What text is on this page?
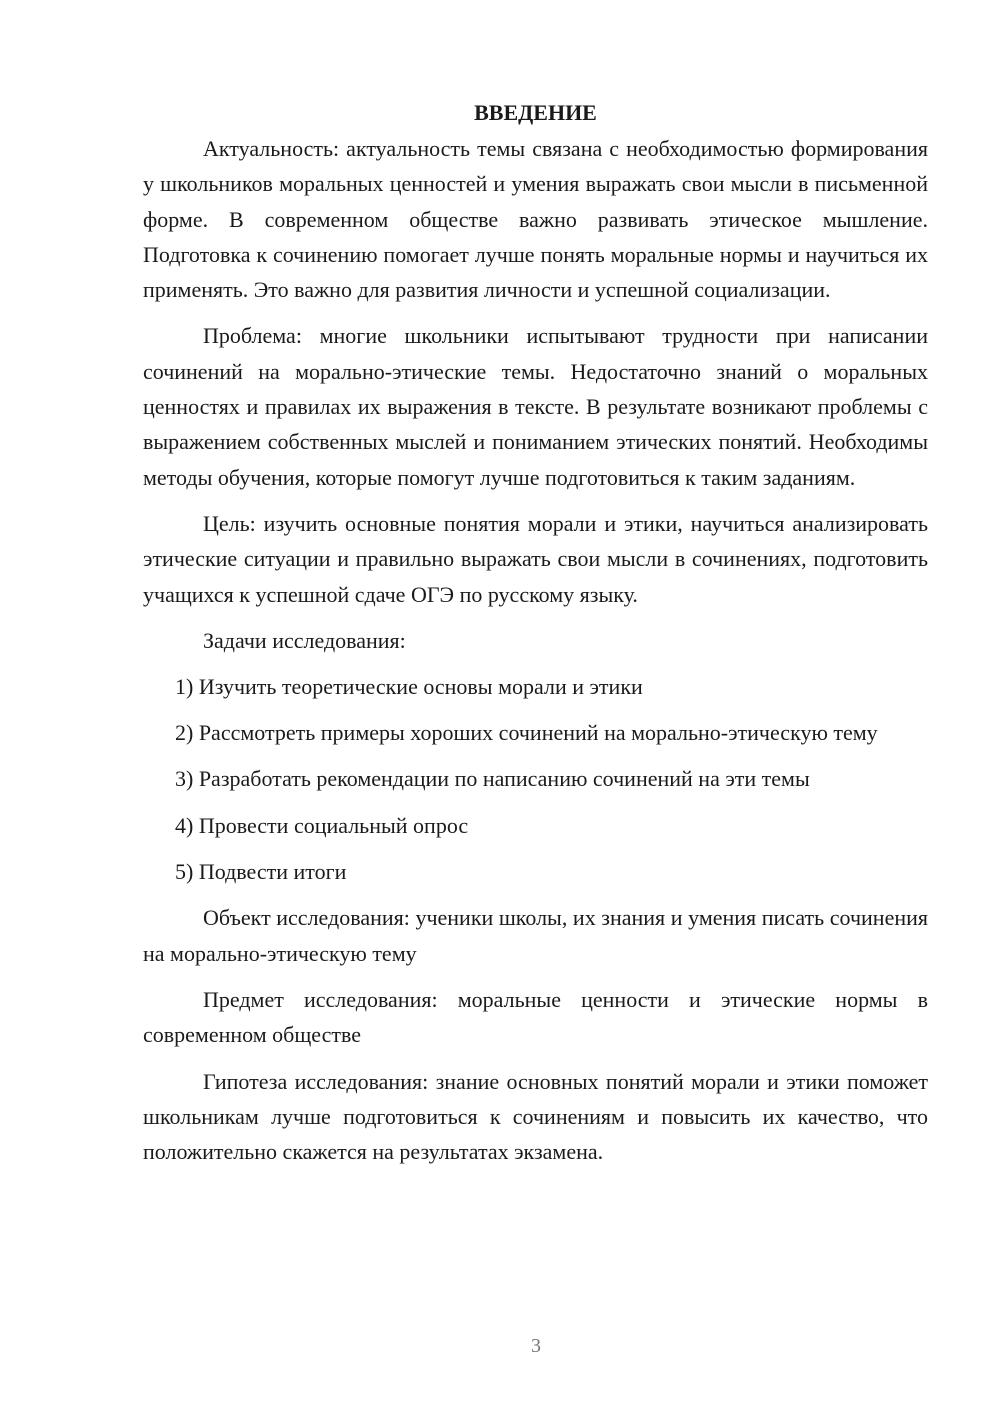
ВВЕДЕНИЕ

Актуальность: актуальность темы связана с необходимостью формирования у школьников моральных ценностей и умения выражать свои мысли в письменной форме. В современном обществе важно развивать этическое мышление. Подготовка к сочинению помогает лучше понять моральные нормы и научиться их применять. Это важно для развития личности и успешной социализации.

Проблема: многие школьники испытывают трудности при написании сочинений на морально-этические темы. Недостаточно знаний о моральных ценностях и правилах их выражения в тексте. В результате возникают проблемы с выражением собственных мыслей и пониманием этических понятий. Необходимы методы обучения, которые помогут лучше подготовиться к таким заданиям.

Цель: изучить основные понятия морали и этики, научиться анализировать этические ситуации и правильно выражать свои мысли в сочинениях, подготовить учащихся к успешной сдаче ОГЭ по русскому языку.

Задачи исследования:

1) Изучить теоретические основы морали и этики

2) Рассмотреть примеры хороших сочинений на морально-этическую тему

3) Разработать рекомендации по написанию сочинений на эти темы

4) Провести социальный опрос

5) Подвести итоги

Объект исследования: ученики школы, их знания и умения писать сочинения на морально-этическую тему

Предмет исследования: моральные ценности и этические нормы в современном обществе

Гипотеза исследования: знание основных понятий морали и этики поможет школьникам лучше подготовиться к сочинениям и повысить их качество, что положительно скажется на результатах экзамена.

3
